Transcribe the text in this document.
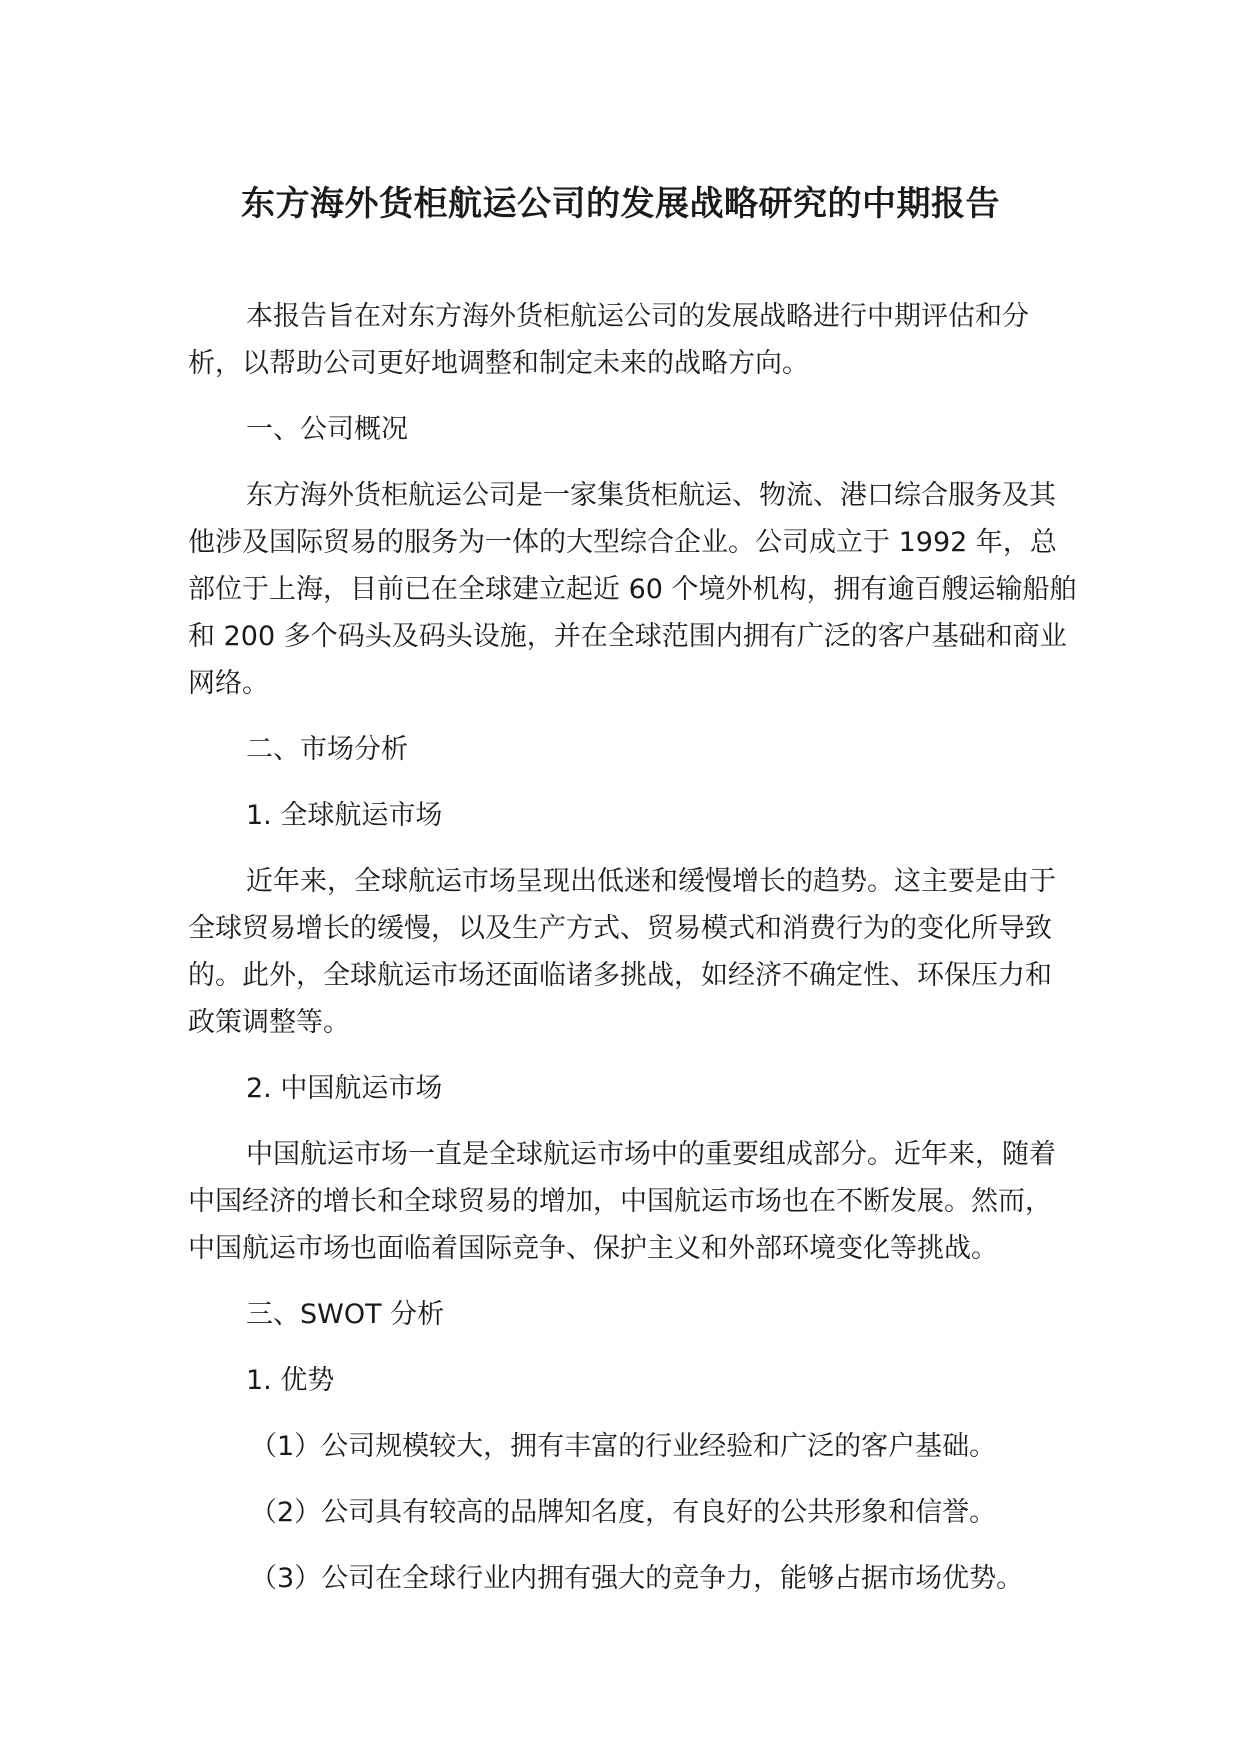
东方海外货柜航运公司的发展战略研究的中期报告

本报告旨在对东方海外货柜航运公司的发展战略进行中期评估和分析，以帮助公司更好地调整和制定未来的战略方向。

一、公司概况

东方海外货柜航运公司是一家集货柜航运、物流、港口综合服务及其他涉及国际贸易的服务为一体的大型综合企业。公司成立于 1992 年，总部位于上海，目前已在全球建立起近 60 个境外机构，拥有逾百艘运输船舶和 200 多个码头及码头设施，并在全球范围内拥有广泛的客户基础和商业网络。

二、市场分析

1. 全球航运市场

近年来，全球航运市场呈现出低迷和缓慢增长的趋势。这主要是由于全球贸易增长的缓慢，以及生产方式、贸易模式和消费行为的变化所导致的。此外，全球航运市场还面临诸多挑战，如经济不确定性、环保压力和政策调整等。

2. 中国航运市场

中国航运市场一直是全球航运市场中的重要组成部分。近年来，随着中国经济的增长和全球贸易的增加，中国航运市场也在不断发展。然而，中国航运市场也面临着国际竞争、保护主义和外部环境变化等挑战。

三、SWOT 分析

1. 优势

（1）公司规模较大，拥有丰富的行业经验和广泛的客户基础。

（2）公司具有较高的品牌知名度，有良好的公共形象和信誉。

（3）公司在全球行业内拥有强大的竞争力，能够占据市场优势。
